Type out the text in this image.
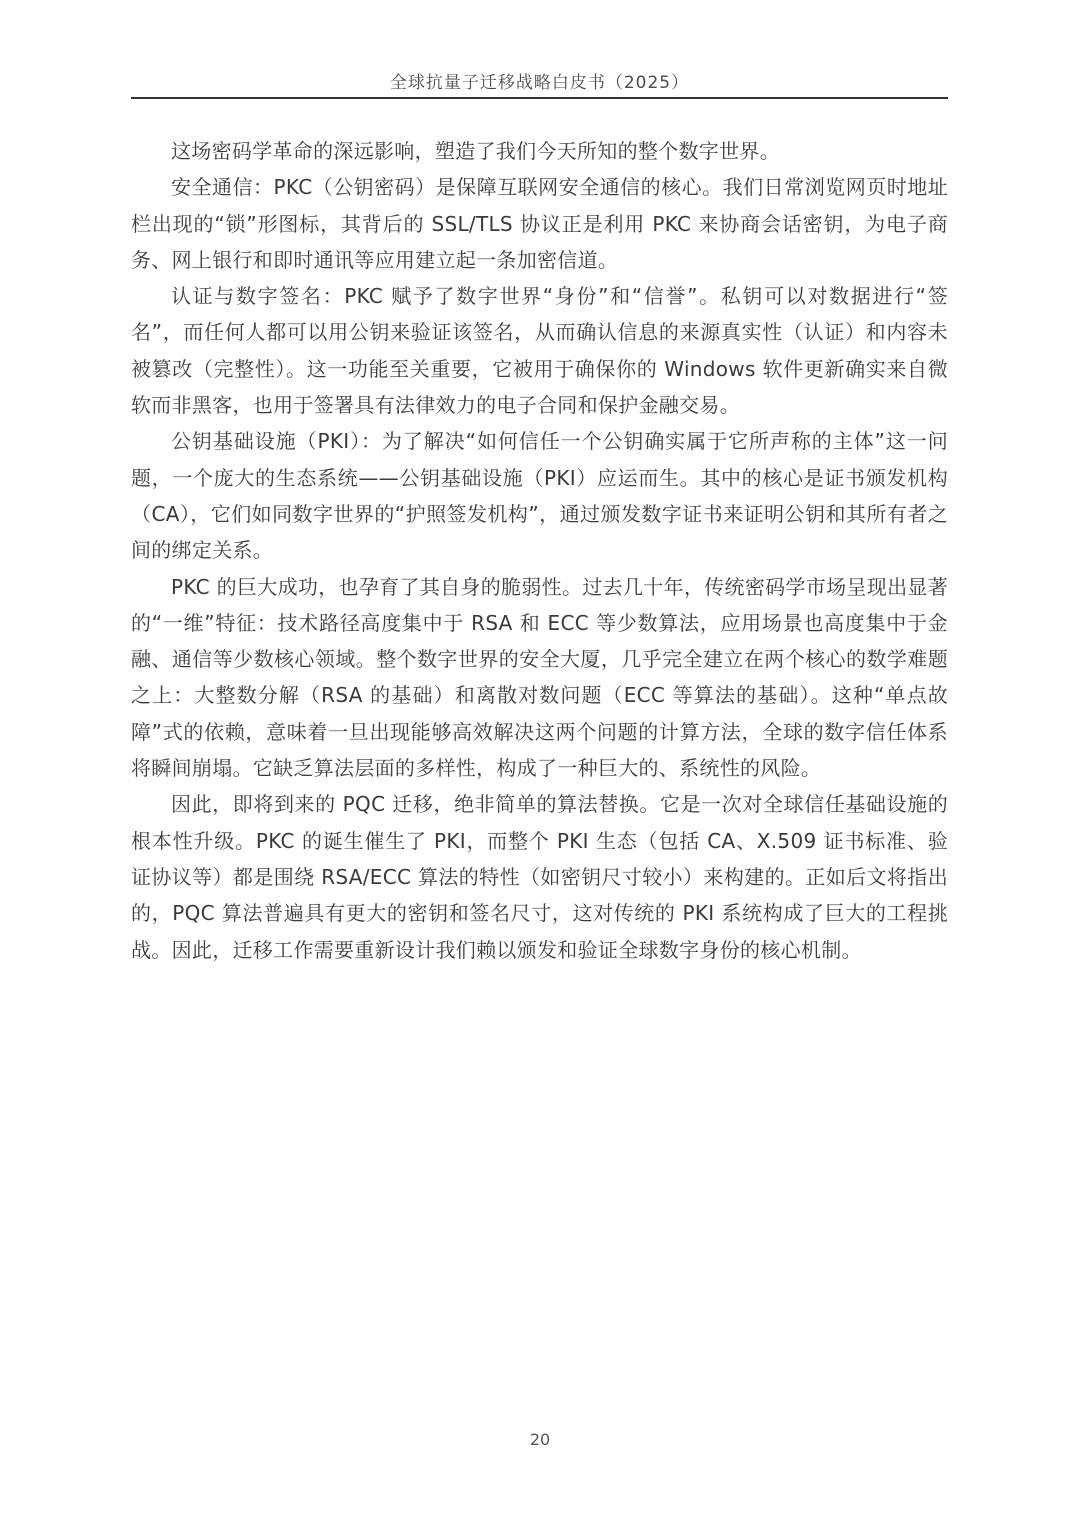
全球抗量子迁移战略白皮书（2025）

这场密码学革命的深远影响，塑造了我们今天所知的整个数字世界。

安全通信：PKC（公钥密码）是保障互联网安全通信的核心。我们日常浏览网页时地址栏出现的“锁”形图标，其背后的 SSL/TLS 协议正是利用 PKC 来协商会话密钥，为电子商务、网上银行和即时通讯等应用建立起一条加密信道。

认证与数字签名：PKC 赋予了数字世界“身份”和“信誉”。私钥可以对数据进行“签名”，而任何人都可以用公钥来验证该签名，从而确认信息的来源真实性（认证）和内容未被篡改（完整性）。这一功能至关重要，它被用于确保你的 Windows 软件更新确实来自微软而非黑客，也用于签署具有法律效力的电子合同和保护金融交易。

公钥基础设施（PKI）：为了解决“如何信任一个公钥确实属于它所声称的主体”这一问题，一个庞大的生态系统——公钥基础设施（PKI）应运而生。其中的核心是证书颁发机构（CA），它们如同数字世界的“护照签发机构”，通过颁发数字证书来证明公钥和其所有者之间的绑定关系。

PKC 的巨大成功，也孕育了其自身的脆弱性。过去几十年，传统密码学市场呈现出显著的“一维”特征：技术路径高度集中于 RSA 和 ECC 等少数算法，应用场景也高度集中于金融、通信等少数核心领域。整个数字世界的安全大厦，几乎完全建立在两个核心的数学难题之上：大整数分解（RSA 的基础）和离散对数问题（ECC 等算法的基础）。这种“单点故障”式的依赖，意味着一旦出现能够高效解决这两个问题的计算方法，全球的数字信任体系将瞬间崩塌。它缺乏算法层面的多样性，构成了一种巨大的、系统性的风险。

因此，即将到来的 PQC 迁移，绝非简单的算法替换。它是一次对全球信任基础设施的根本性升级。PKC 的诞生催生了 PKI，而整个 PKI 生态（包括 CA、X.509 证书标准、验证协议等）都是围绕 RSA/ECC 算法的特性（如密钥尺寸较小）来构建的。正如后文将指出的，PQC 算法普遍具有更大的密钥和签名尺寸，这对传统的 PKI 系统构成了巨大的工程挑战。因此，迁移工作需要重新设计我们赖以颁发和验证全球数字身份的核心机制。

20
